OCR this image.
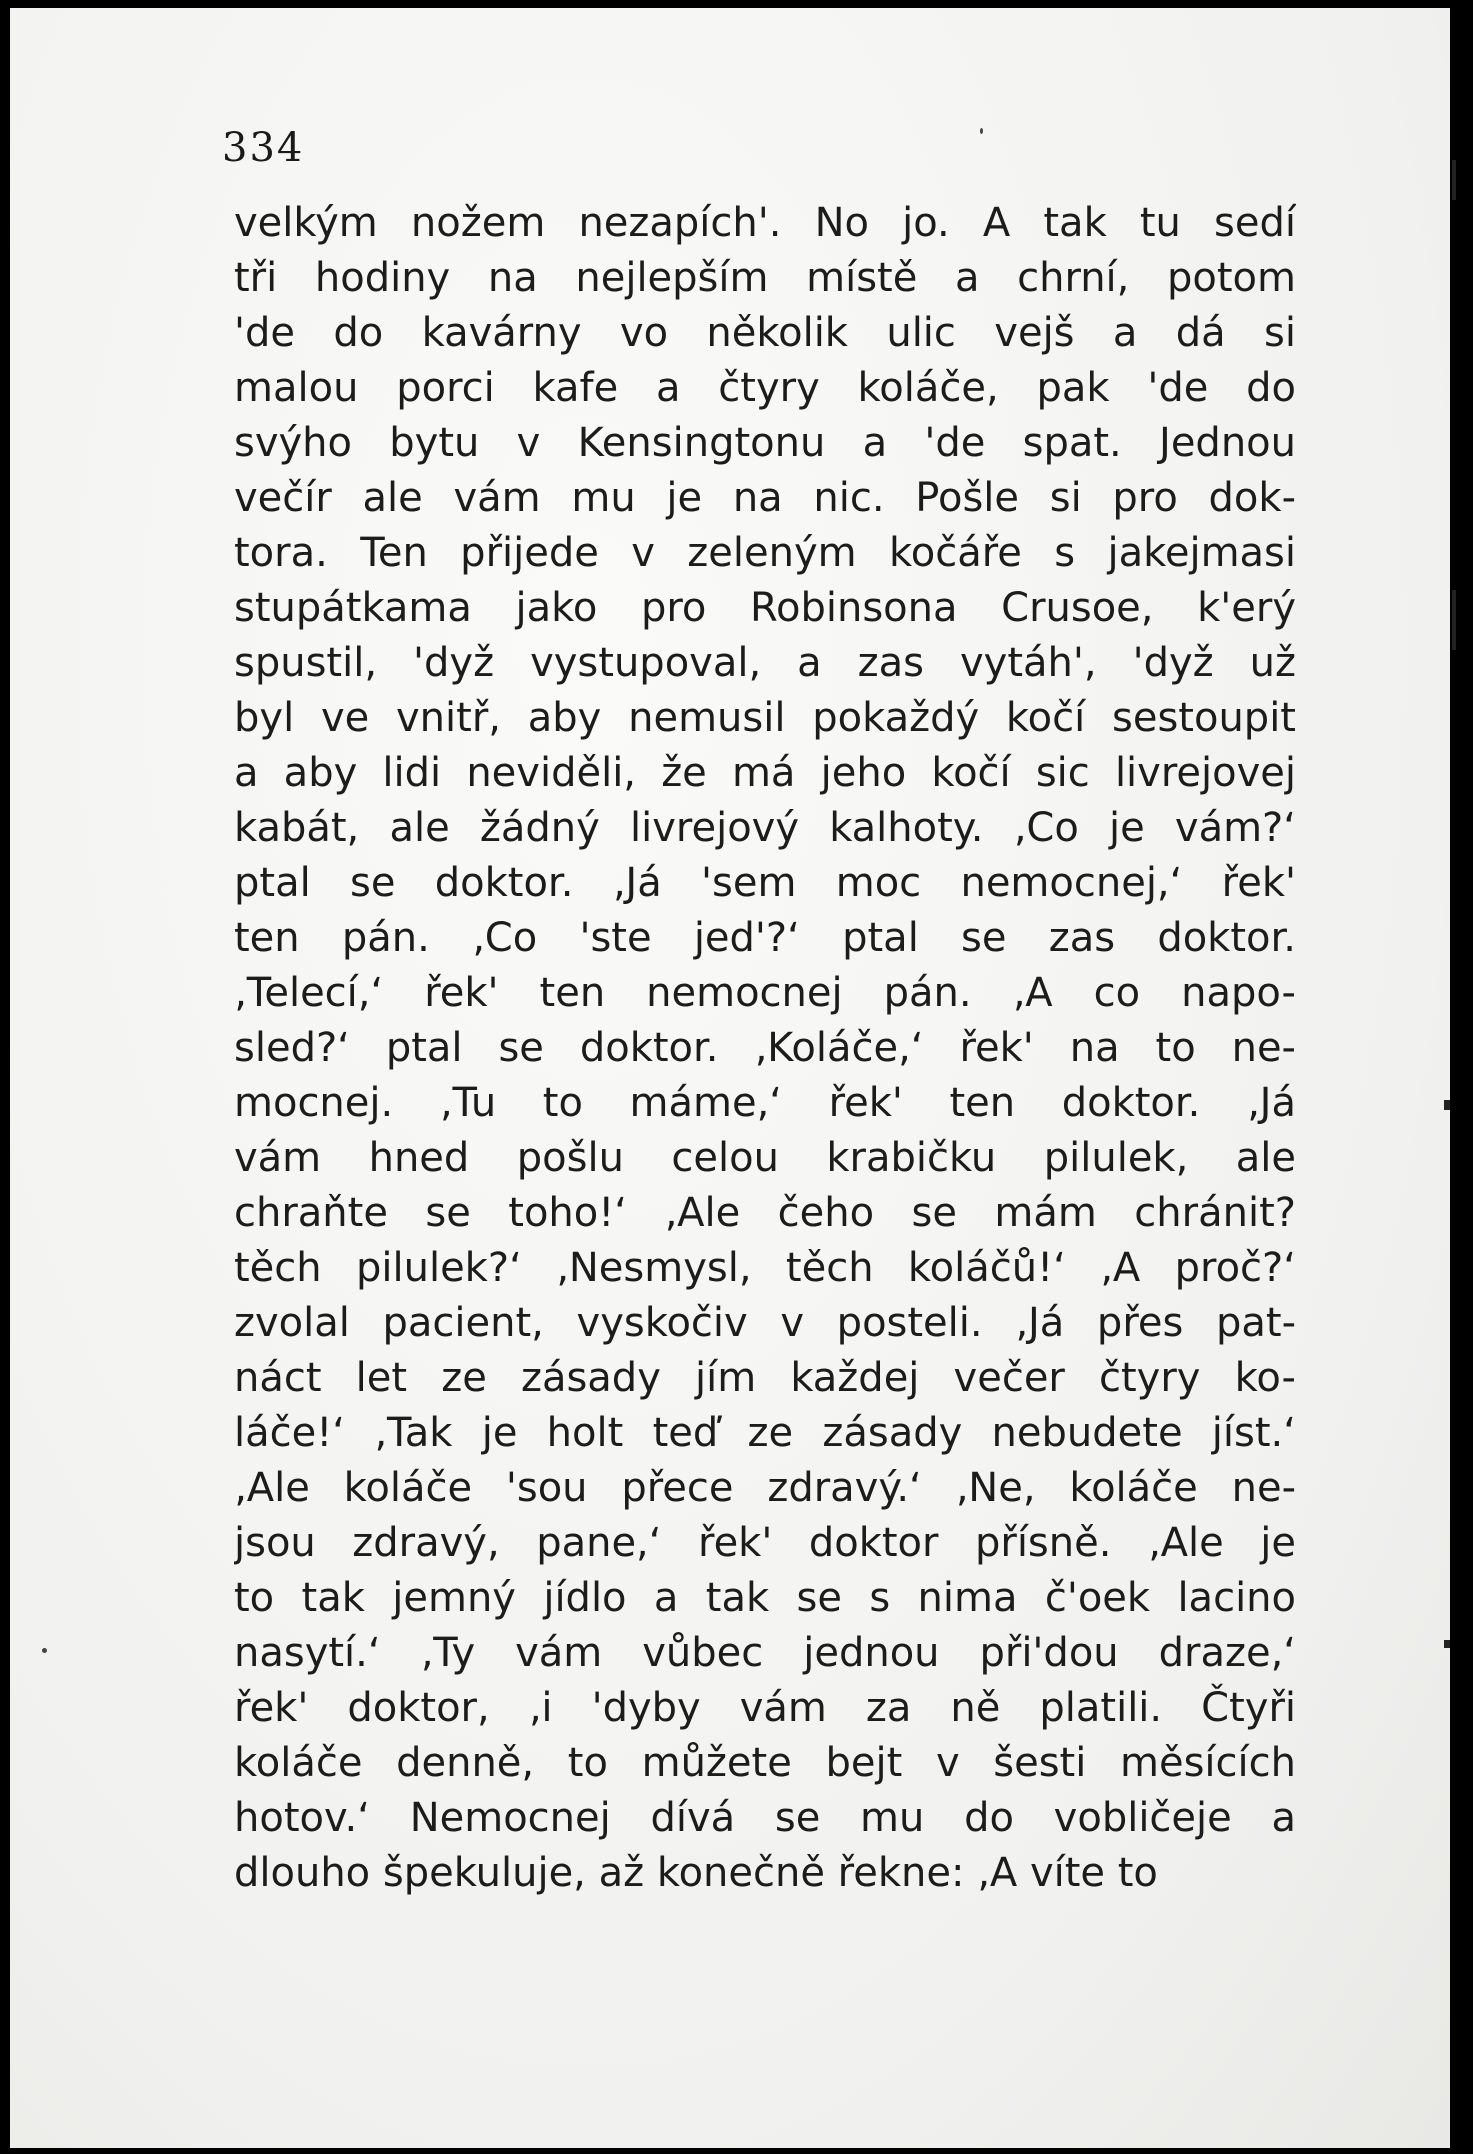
334
velkým nožem nezapích'. No jo. A tak tu sedí
tři hodiny na nejlepším místě a chrní, potom
'de do kavárny vo několik ulic vejš a dá si
malou porci kafe a čtyry koláče, pak 'de do
svýho bytu v Kensingtonu a 'de spat. Jednou
večír ale vám mu je na nic. Pošle si pro dok-
tora. Ten přijede v zeleným kočáře s jakejmasi
stupátkama jako pro Robinsona Crusoe, k'erý
spustil, 'dyž vystupoval, a zas vytáh', 'dyž už
byl ve vnitř, aby nemusil pokaždý kočí sestoupit
a aby lidi neviděli, že má jeho kočí sic livrejovej
kabát, ale žádný livrejový kalhoty. ‚Co je vám?‘
ptal se doktor. ‚Já 'sem moc nemocnej,‘ řek'
ten pán. ‚Co 'ste jed'?‘ ptal se zas doktor.
‚Telecí,‘ řek' ten nemocnej pán. ‚A co napo-
sled?‘ ptal se doktor. ‚Koláče,‘ řek' na to ne-
mocnej. ‚Tu to máme,‘ řek' ten doktor. ‚Já
vám hned pošlu celou krabičku pilulek, ale
chraňte se toho!‘ ‚Ale čeho se mám chránit?
těch pilulek?‘ ‚Nesmysl, těch koláčů!‘ ‚A proč?‘
zvolal pacient, vyskočiv v posteli. ‚Já přes pat-
náct let ze zásady jím každej večer čtyry ko-
láče!‘ ‚Tak je holt teď ze zásady nebudete jíst.‘
‚Ale koláče 'sou přece zdravý.‘ ‚Ne, koláče ne-
jsou zdravý, pane,‘ řek' doktor přísně. ‚Ale je
to tak jemný jídlo a tak se s nima č'oek lacino
nasytí.‘ ‚Ty vám vůbec jednou při'dou draze,‘
řek' doktor, ‚i 'dyby vám za ně platili. Čtyři
koláče denně, to můžete bejt v šesti měsících
hotov.‘ Nemocnej dívá se mu do vobličeje a
dlouho špekuluje, až konečně řekne: ‚A víte to
